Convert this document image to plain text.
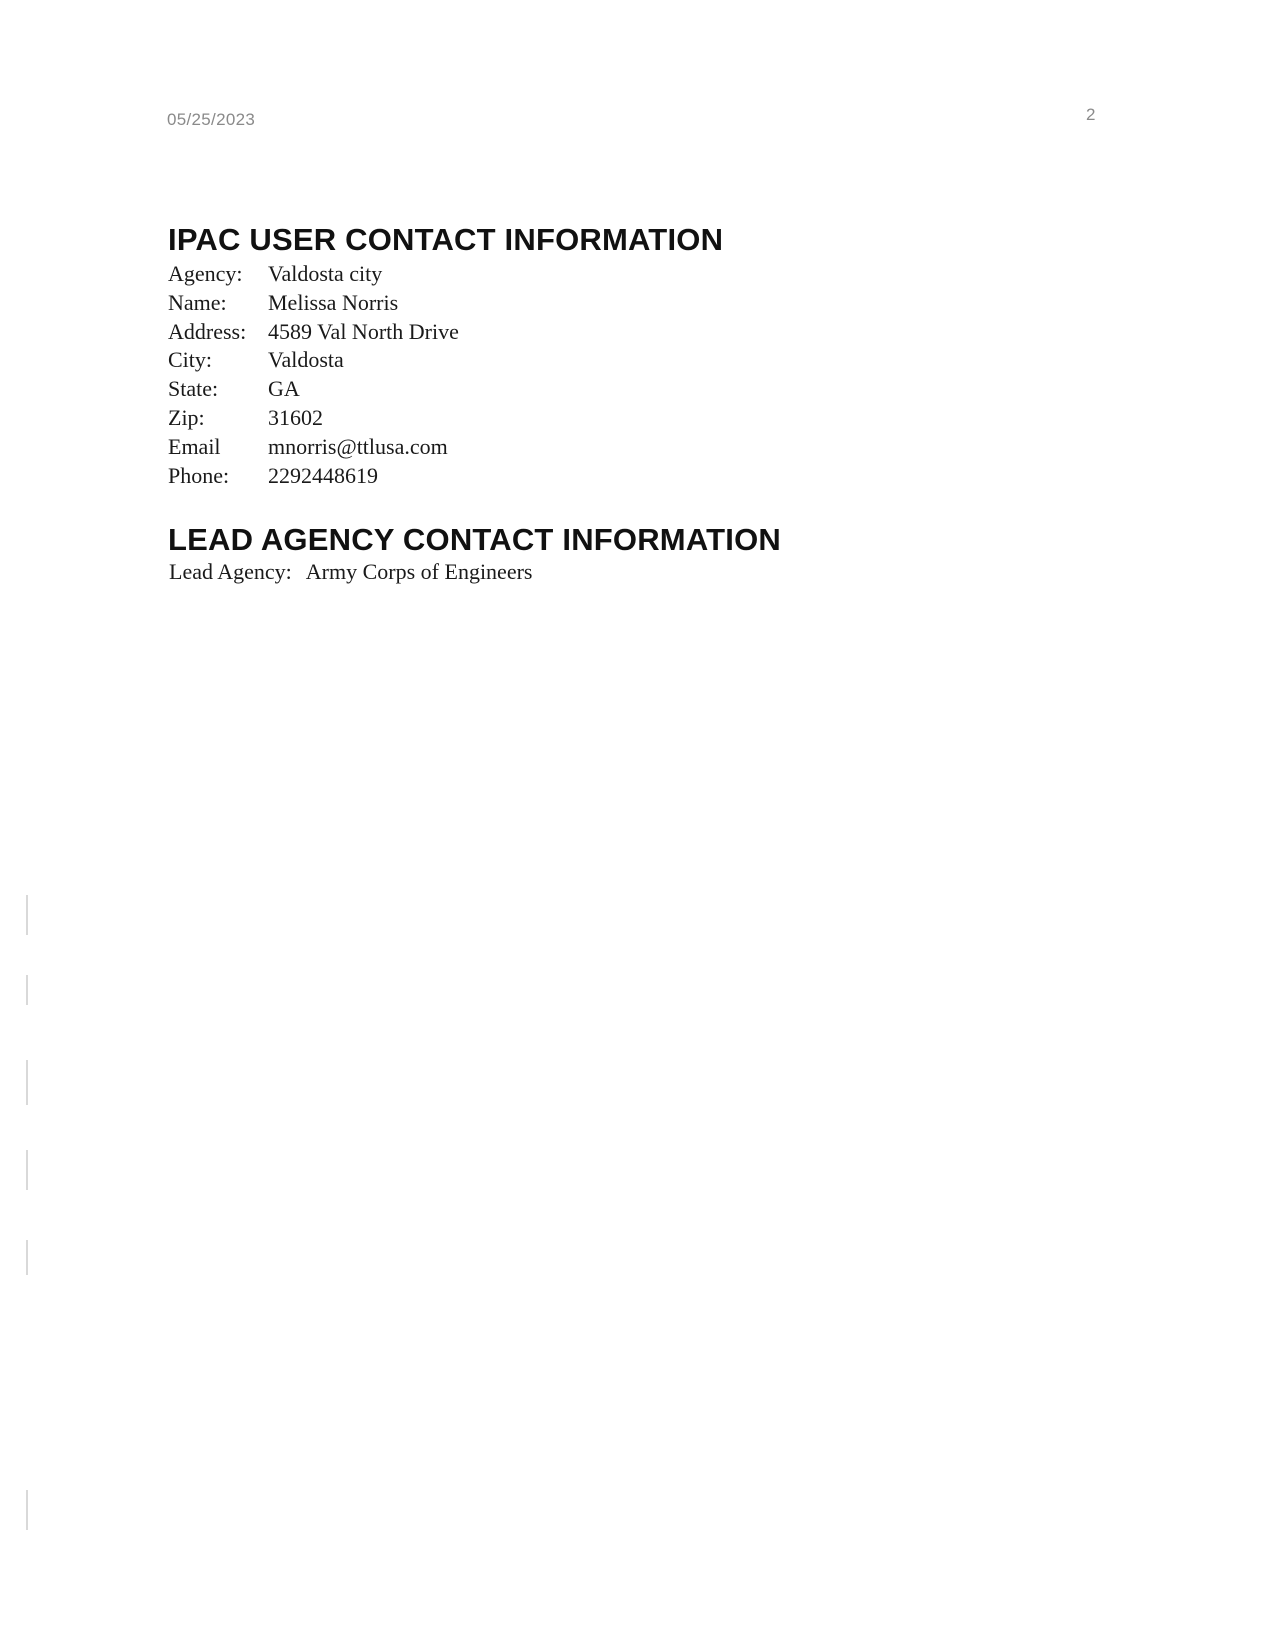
05/25/2023	2
IPAC USER CONTACT INFORMATION
Agency:	Valdosta city
Name:	Melissa Norris
Address:	4589 Val North Drive
City:	Valdosta
State:	GA
Zip:	31602
Email	mnorris@ttlusa.com
Phone:	2292448619
LEAD AGENCY CONTACT INFORMATION
Lead Agency: Army Corps of Engineers
